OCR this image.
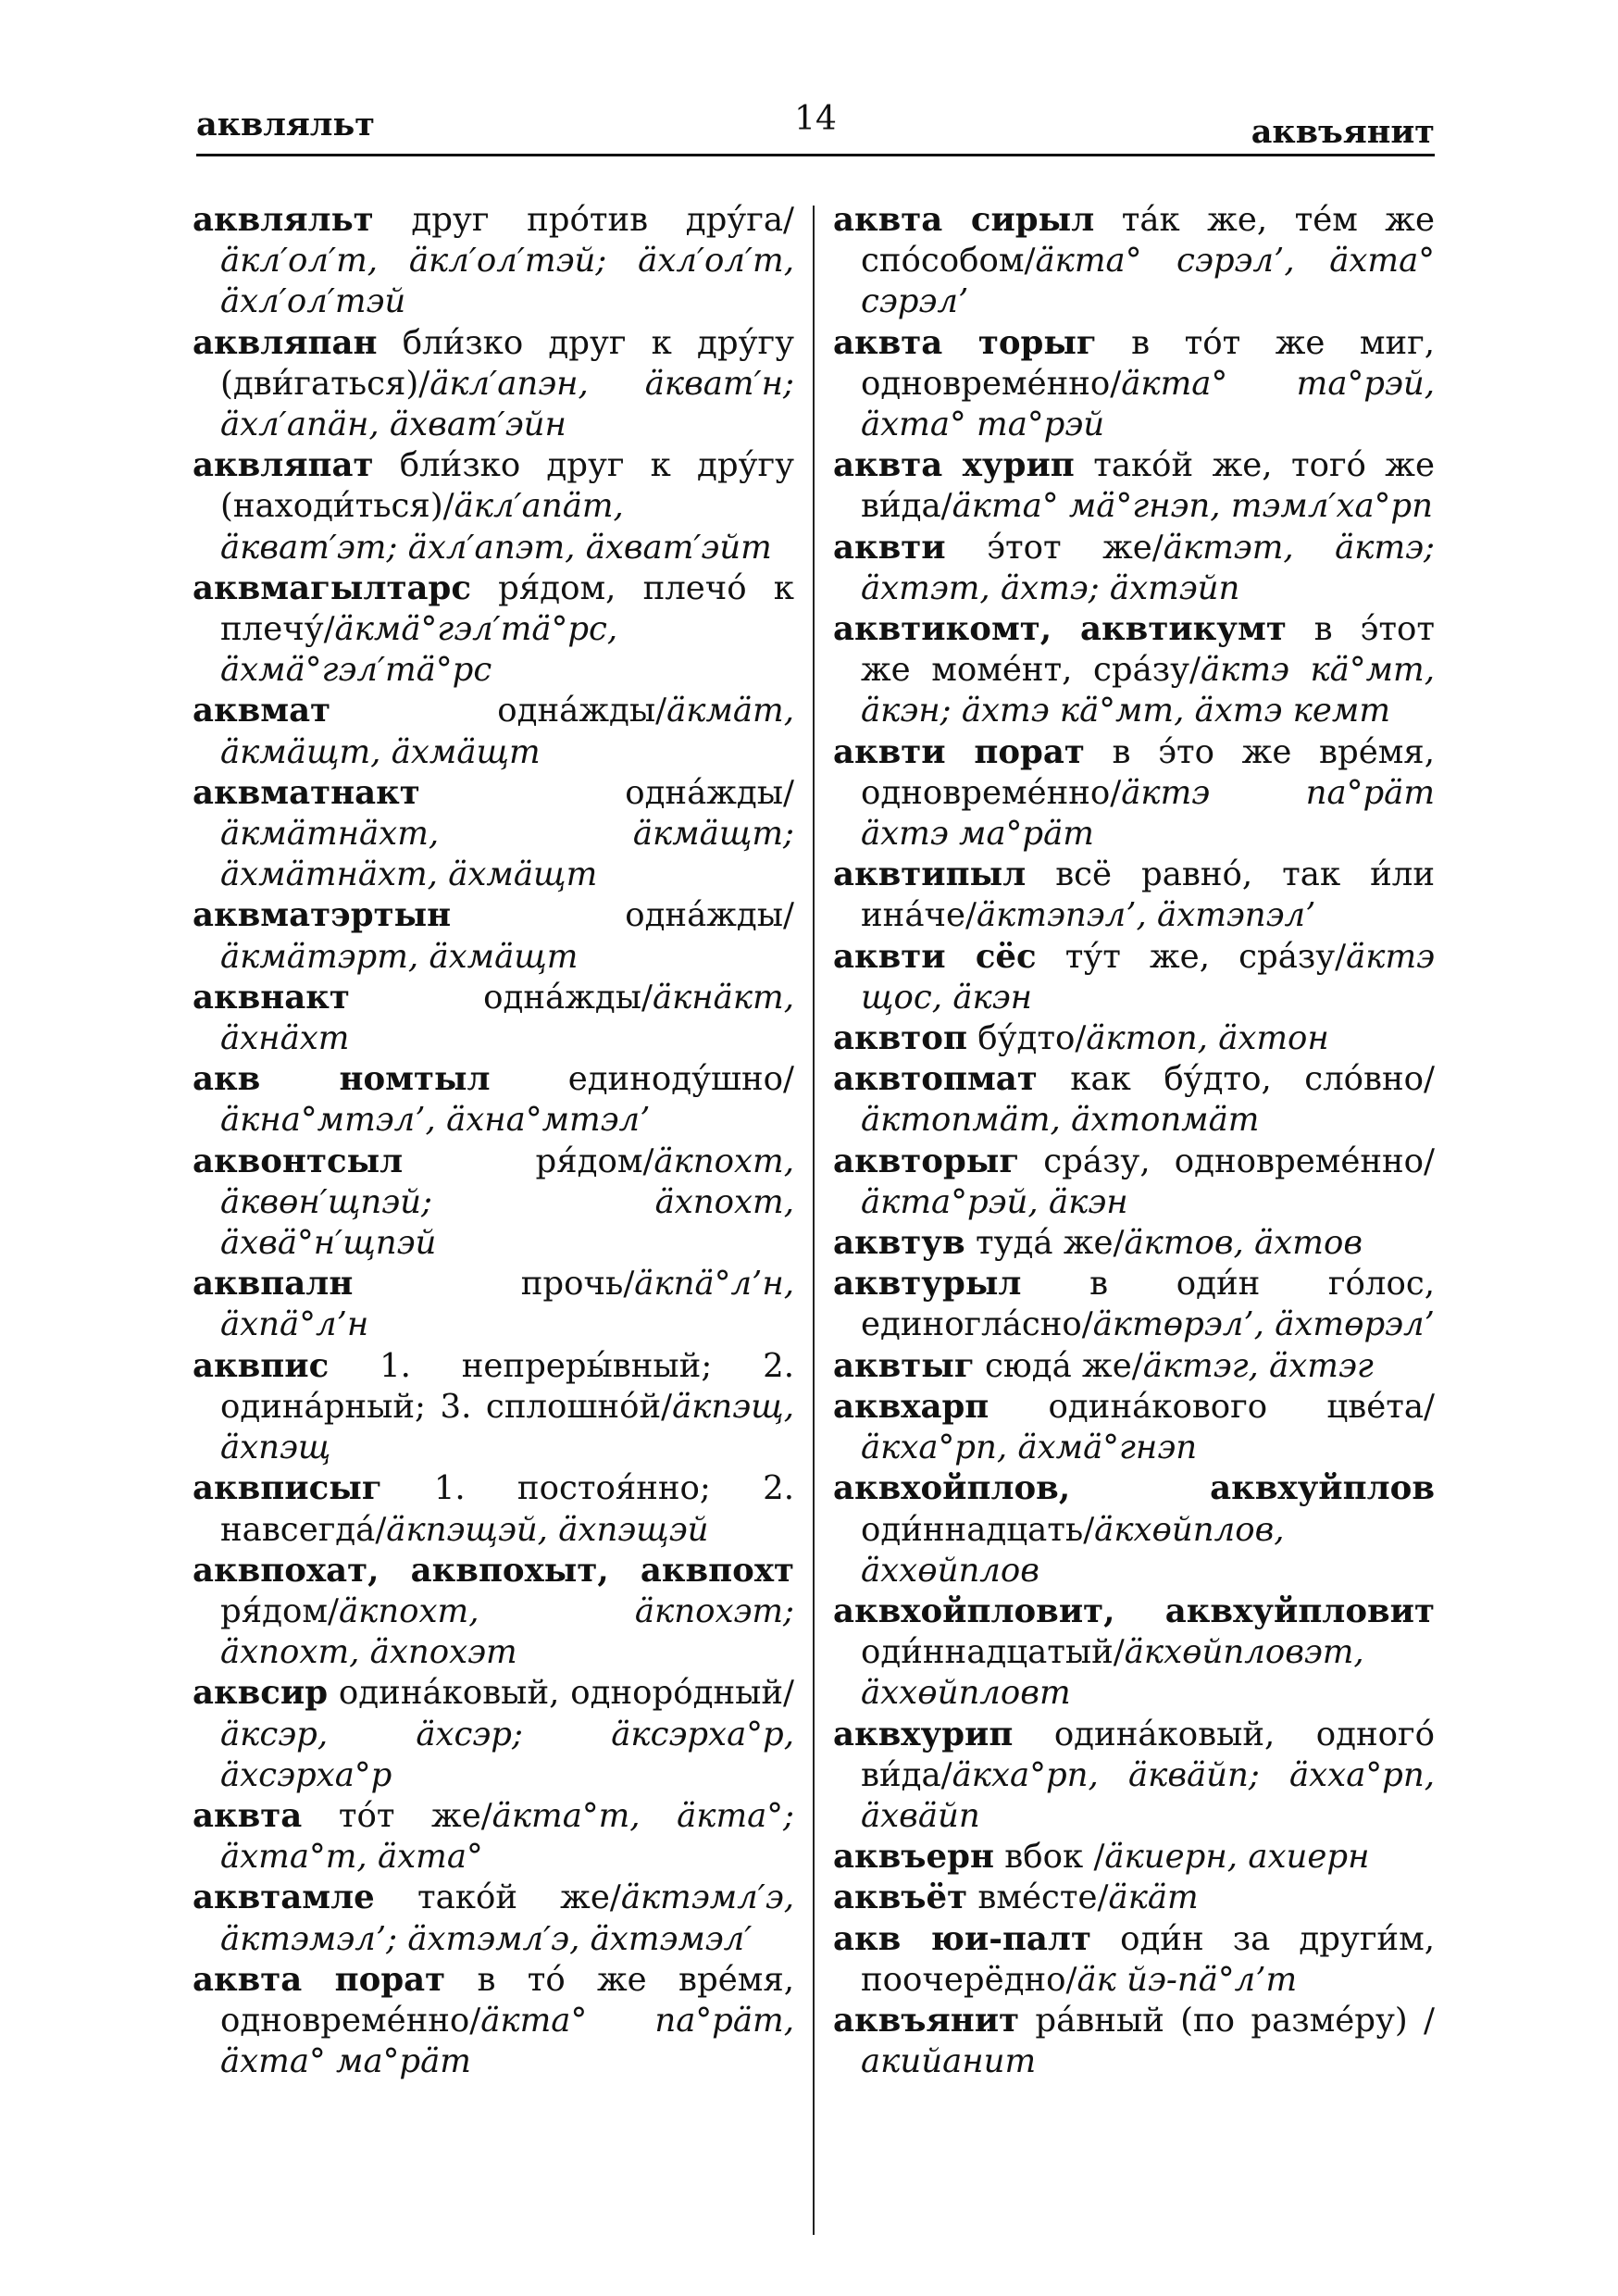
аквляльт	14	аквъянит

аквляльт друг про́тив дру́га/äкл′ол′т, äкл′ол′тэй; äхл′ол′т, äхл′ол′тэй

аквляпан бли́зко друг к дру́гу (дви́гаться)/äкл′апэн, äкват′н; äхл′апäн, äхват′эйн

аквляпат бли́зко друг к дру́гу (находи́ться)/äкл′апäт, äкват′эт; äхл′апэт, äхват′эйт

аквмагылтарс ря́дом, плечо́ к плечу́/äкмä°гэл′тä°рс, äхмä°гэл′тä°рс

аквмат	одна́жды/äкмäт, äкмäщт, äхмäщт

аквматнакт	одна́жды/äкмäтнäхт, äкмäщт; äхмäтнäхт, äхмäщт

аквматэртын	одна́жды/äкмäтэрт, äхмäщт

аквнакт	одна́жды/äкнäкт, äхнäхт

акв номтыл единоду́шно/äкна°мтэл’, äхна°мтэл’

аквонтсыл	ря́дом/äкпохт, äквөн′щпэй; äхпохт, äхвä°н′щпэй

аквпалн	прочь/äкпä°л’н, äхпä°л’н

аквпис 1. непреры́вный; 2. одина́рный; 3. сплошно́й/äкпэщ, äхпэщ

аквписыг 1. постоя́нно; 2. навсегда́/äкпэщэй, äхпэщэй

аквпохат, аквпохыт, аквпохт ря́дом/äкпохт, äкпохэт; äхпохт, äхпохэт

аквсир одина́ковый, одноро́дный/äксэр, äхсэр; äксэрха°р, äхсэрха°р

аквта то́т же/äкта°т, äкта°; äхта°т, äхта°

аквтамле тако́й же/äктэмл′э, äктэмэл’; äхтэмл′э, äхтэмэл′

аквта порат в то́ же вре́мя, одновреме́нно/äкта° па°рäт, äхта° ма°рäт

аквта сирыл та́к же, те́м же спо́собом/äкта° сэрэл’, äхта° сэрэл’

аквта торыг в то́т же миг, одновреме́нно/äкта° та°рэй, äхта° та°рэй

аквта хурип тако́й же, того́ же ви́да/äкта° мä°гнэп, тэмл′ха°рп

аквти э́тот же/äктэт, äктэ; äхтэт, äхтэ; äхтэйп

аквтикомт, аквтикумт в э́тот же моме́нт, сра́зу/äктэ кä°мт, äкэн; äхтэ кä°мт, äхтэ кемт

аквти порат в э́то же вре́мя, одновреме́нно/äктэ па°рäт äхтэ ма°рäт

аквтипыл всё равно́, так и́ли ина́че/äктэпэл’, äхтэпэл’

аквти сёс ту́т же, сра́зу/äктэ щос, äкэн

аквтоп бу́дто/äктоп, äхтон

аквтопмат как бу́дто, сло́вно/äктопмäт, äхтопмäт

аквторыг сра́зу, одновреме́нно/äкта°рэй, äкэн

аквтув туда́ же/äктов, äхтов

аквтурыл в оди́н го́лос, единогла́сно/äктөрэл’, äхтөрэл’

аквтыг сюда́ же/äктэг, äхтэг

аквхарп одина́кового цве́та/äкха°рп, äхмä°гнэп

аквхойплов, аквхуйплов оди́ннадцать/äкхөйплов, äххөйплов

аквхойпловит, аквхуйпловит оди́ннадцатый/äкхөйпловэт, äххөйпловт

аквхурип одина́ковый, одного́ ви́да/äкха°рп, äквäйп; äхха°рп, äхвäйп

аквъерн вбок /äкиерн, ахиерн

аквъёт вме́сте/äкäт

акв юи-палт оди́н за други́м, поочерёдно/äк йэ-пä°л’т

аквъянит ра́вный (по разме́ру) /акийанит
